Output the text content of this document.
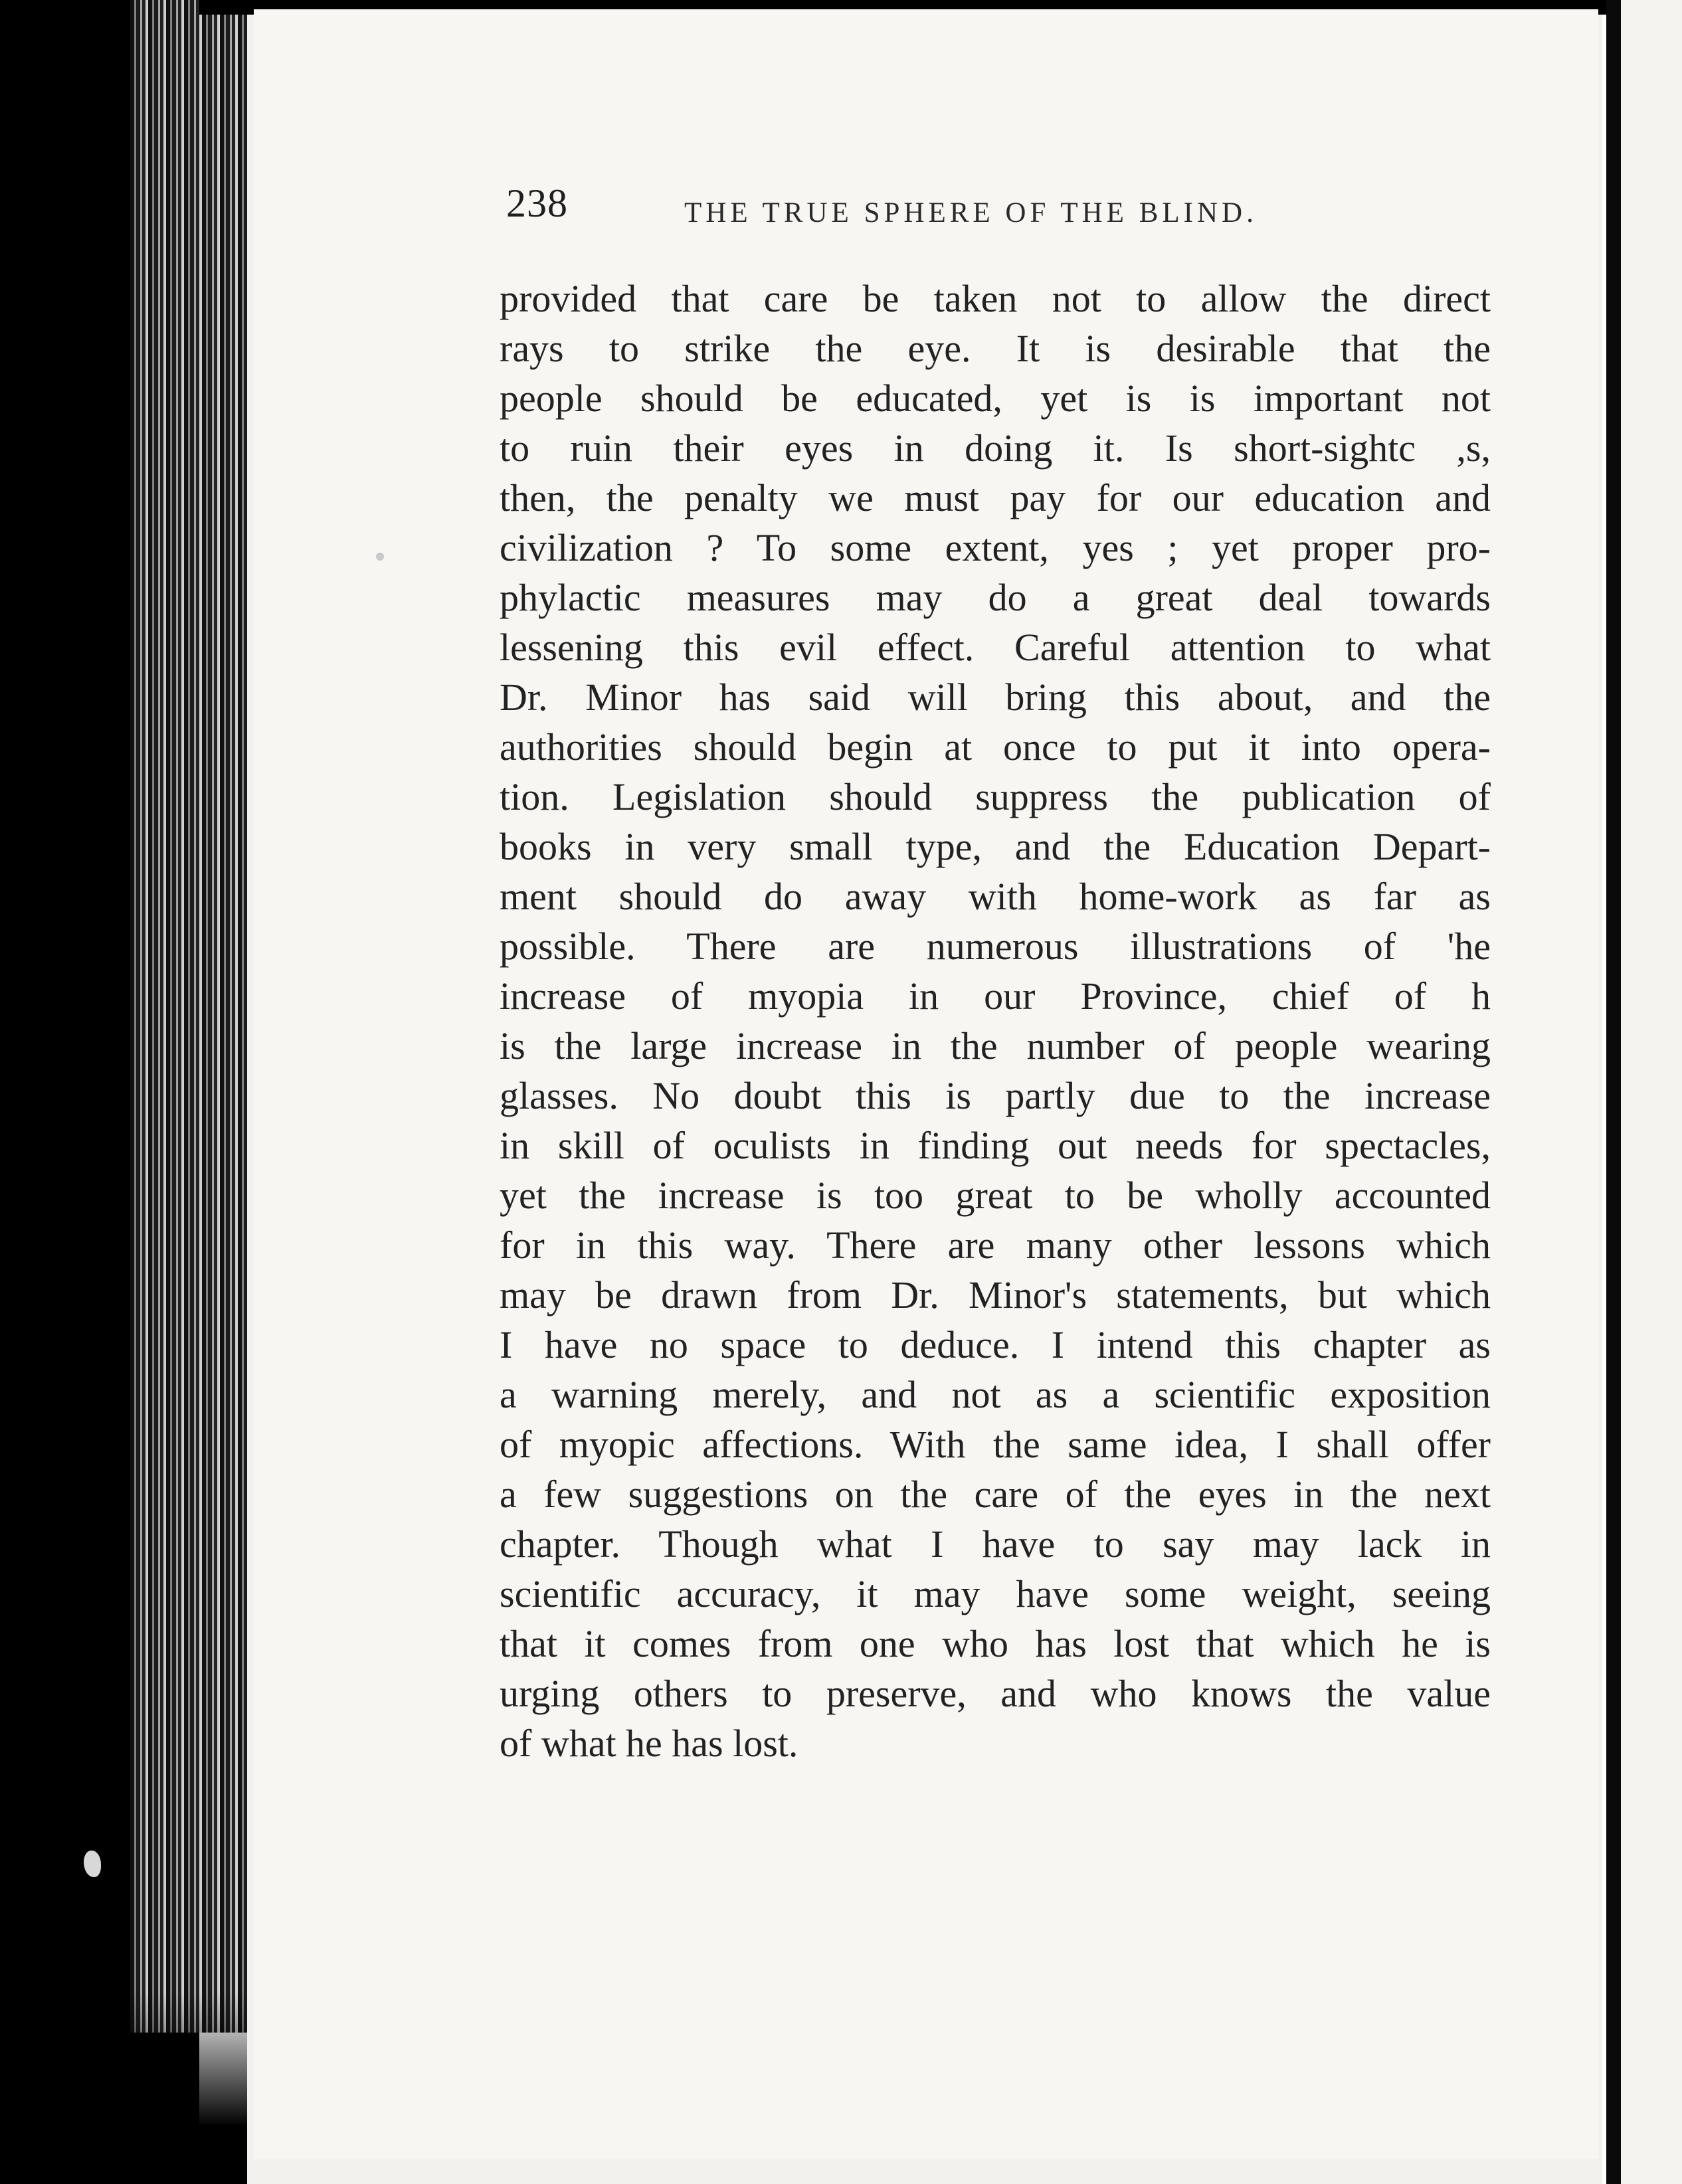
238	THE TRUE SPHERE OF THE BLIND.
provided that care be taken not to allow the direct
rays to strike the eye. It is desirable that the
people should be educated, yet is is important not
to ruin their eyes in doing it. Is short-sightc ,s,
then, the penalty we must pay for our education and
civilization ? To some extent, yes ; yet proper pro-
phylactic measures may do a great deal towards
lessening this evil effect. Careful attention to what
Dr. Minor has said will bring this about, and the
authorities should begin at once to put it into opera-
tion. Legislation should suppress the publication of
books in very small type, and the Education Depart-
ment should do away with home-work as far as
possible. There are numerous illustrations of 'he
increase of myopia in our Province, chief of h
is the large increase in the number of people wearing
glasses. No doubt this is partly due to the increase
in skill of oculists in finding out needs for spectacles,
yet the increase is too great to be wholly accounted
for in this way. There are many other lessons which
may be drawn from Dr. Minor's statements, but which
I have no space to deduce. I intend this chapter as
a warning merely, and not as a scientific exposition
of myopic affections. With the same idea, I shall offer
a few suggestions on the care of the eyes in the next
chapter. Though what I have to say may lack in
scientific accuracy, it may have some weight, seeing
that it comes from one who has lost that which he is
urging others to preserve, and who knows the value
of what he has lost.
